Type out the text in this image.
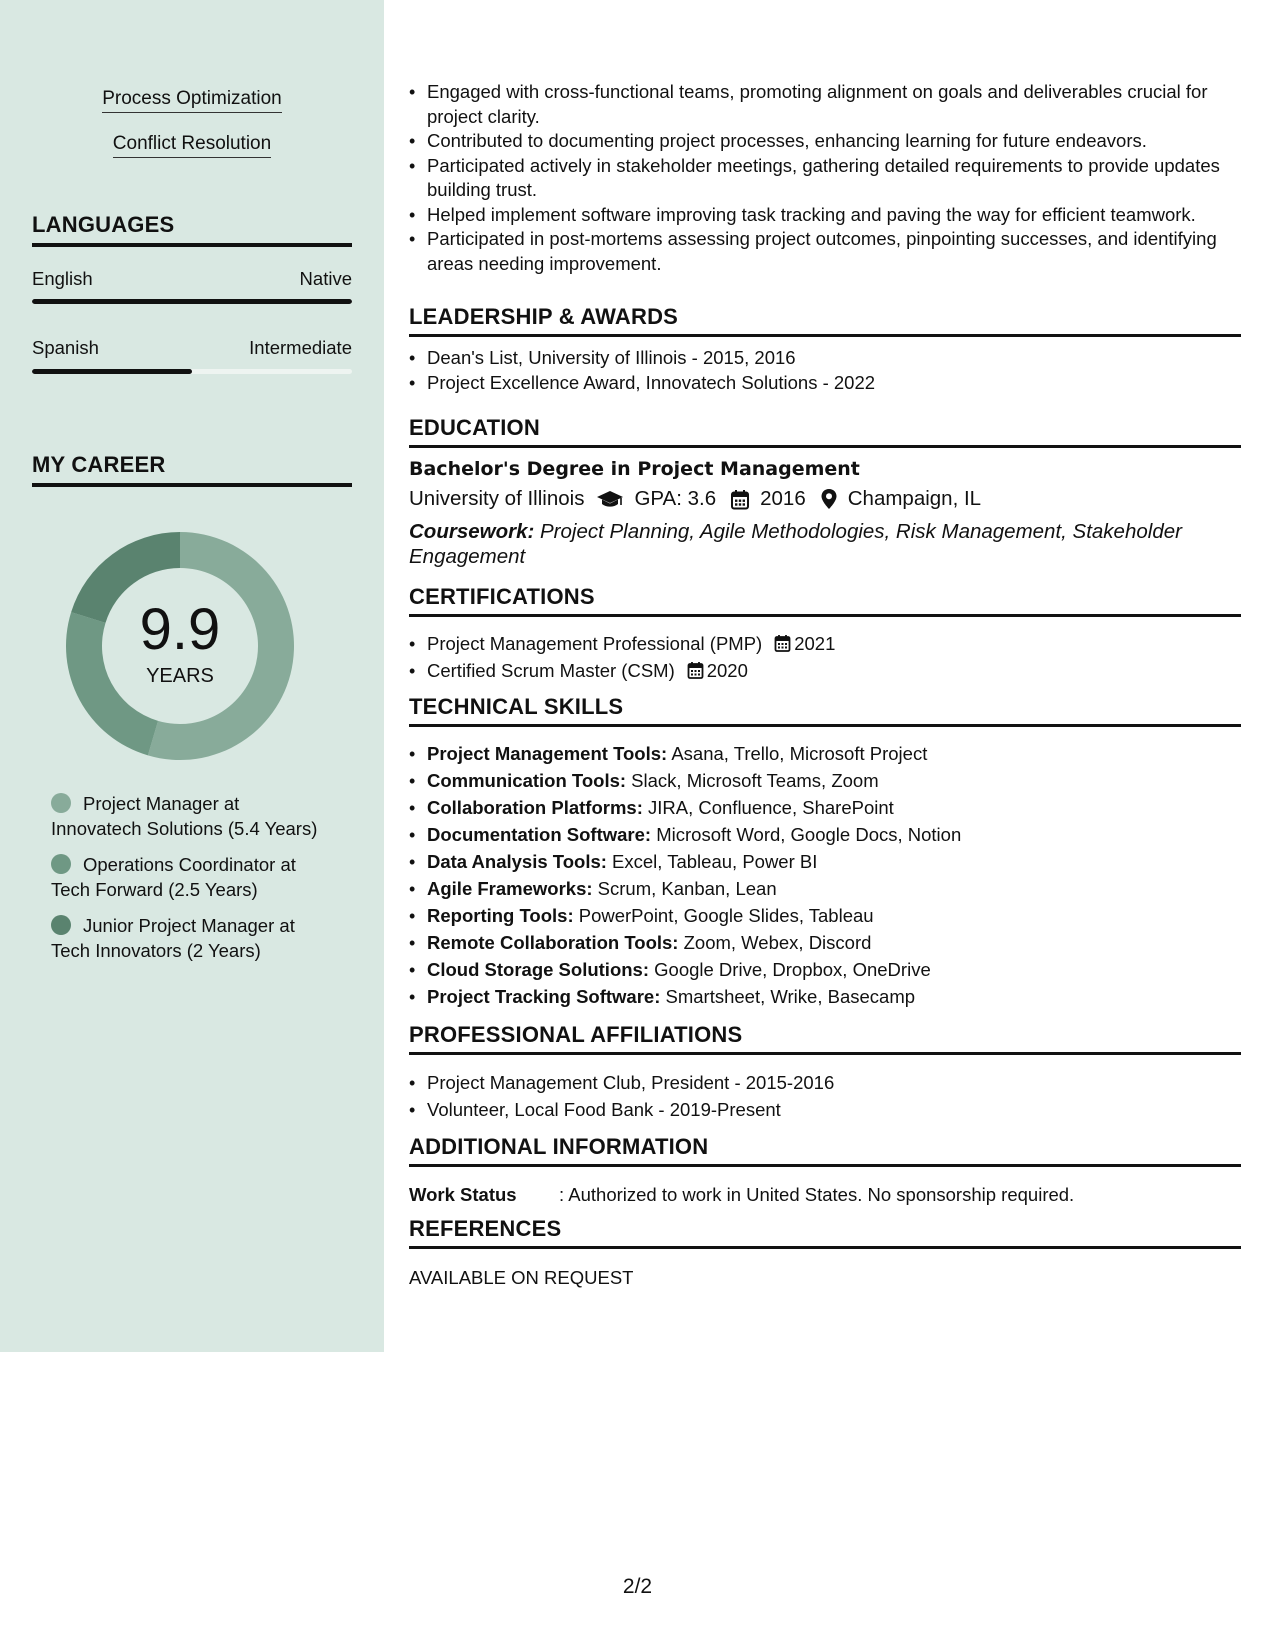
Process Optimization
Conflict Resolution
LANGUAGES
English	Native
Spanish	Intermediate
MY CAREER
9.9
YEARS
Project Manager at
Innovatech Solutions (5.4 Years)
Operations Coordinator at
Tech Forward (2.5 Years)
Junior Project Manager at
Tech Innovators (2 Years)
• Engaged with cross-functional teams, promoting alignment on goals and deliverables crucial for project clarity.
• Contributed to documenting project processes, enhancing learning for future endeavors.
• Participated actively in stakeholder meetings, gathering detailed requirements to provide updates building trust.
• Helped implement software improving task tracking and paving the way for efficient teamwork.
• Participated in post-mortems assessing project outcomes, pinpointing successes, and identifying areas needing improvement.
LEADERSHIP & AWARDS
• Dean's List, University of Illinois - 2015, 2016
• Project Excellence Award, Innovatech Solutions - 2022
EDUCATION
Bachelor's Degree in Project Management
University of Illinois GPA: 3.6 2016 Champaign, IL
Coursework: Project Planning, Agile Methodologies, Risk Management, Stakeholder Engagement
CERTIFICATIONS
• Project Management Professional (PMP) 2021
• Certified Scrum Master (CSM) 2020
TECHNICAL SKILLS
• Project Management Tools: Asana, Trello, Microsoft Project
• Communication Tools: Slack, Microsoft Teams, Zoom
• Collaboration Platforms: JIRA, Confluence, SharePoint
• Documentation Software: Microsoft Word, Google Docs, Notion
• Data Analysis Tools: Excel, Tableau, Power BI
• Agile Frameworks: Scrum, Kanban, Lean
• Reporting Tools: PowerPoint, Google Slides, Tableau
• Remote Collaboration Tools: Zoom, Webex, Discord
• Cloud Storage Solutions: Google Drive, Dropbox, OneDrive
• Project Tracking Software: Smartsheet, Wrike, Basecamp
PROFESSIONAL AFFILIATIONS
• Project Management Club, President - 2015-2016
• Volunteer, Local Food Bank - 2019-Present
ADDITIONAL INFORMATION
Work Status : Authorized to work in United States. No sponsorship required.
REFERENCES
AVAILABLE ON REQUEST
2/2
